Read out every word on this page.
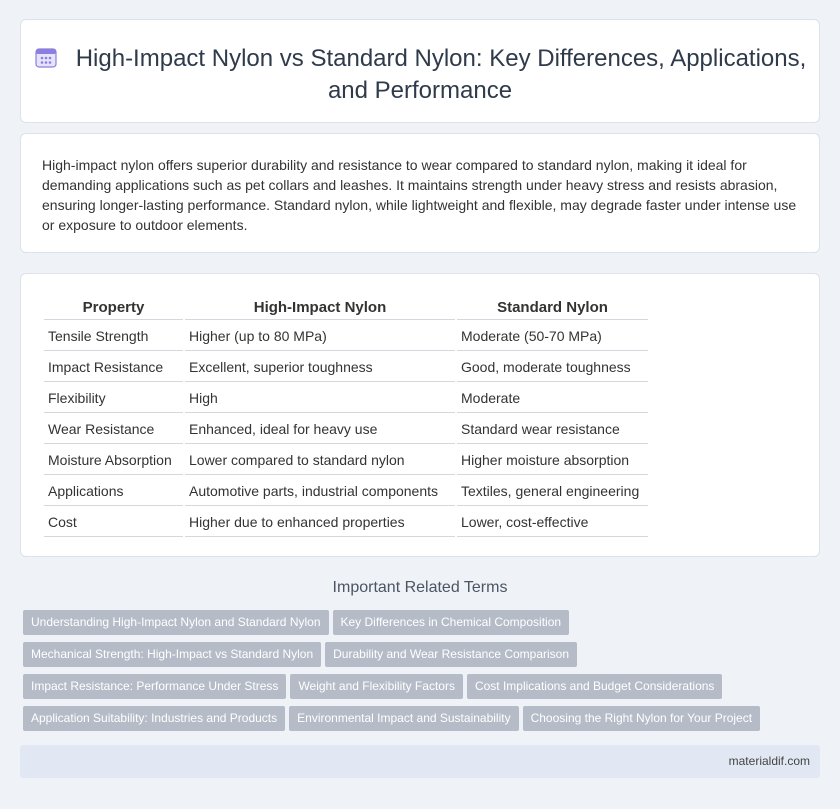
High-Impact Nylon vs Standard Nylon: Key Differences, Applications, and Performance

High-impact nylon offers superior durability and resistance to wear compared to standard nylon, making it ideal for demanding applications such as pet collars and leashes. It maintains strength under heavy stress and resists abrasion, ensuring longer-lasting performance. Standard nylon, while lightweight and flexible, may degrade faster under intense use or exposure to outdoor elements.

Property	High-Impact Nylon	Standard Nylon
Tensile Strength	Higher (up to 80 MPa)	Moderate (50-70 MPa)
Impact Resistance	Excellent, superior toughness	Good, moderate toughness
Flexibility	High	Moderate
Wear Resistance	Enhanced, ideal for heavy use	Standard wear resistance
Moisture Absorption	Lower compared to standard nylon	Higher moisture absorption
Applications	Automotive parts, industrial components	Textiles, general engineering
Cost	Higher due to enhanced properties	Lower, cost-effective
Important Related Terms
Understanding High-Impact Nylon and Standard Nylon Key Differences in Chemical Composition
Mechanical Strength: High-Impact vs Standard Nylon Durability and Wear Resistance Comparison
Impact Resistance: Performance Under Stress Weight and Flexibility Factors Cost Implications and Budget Considerations
Application Suitability: Industries and Products Environmental Impact and Sustainability Choosing the Right Nylon for Your Project
materialdif.com
